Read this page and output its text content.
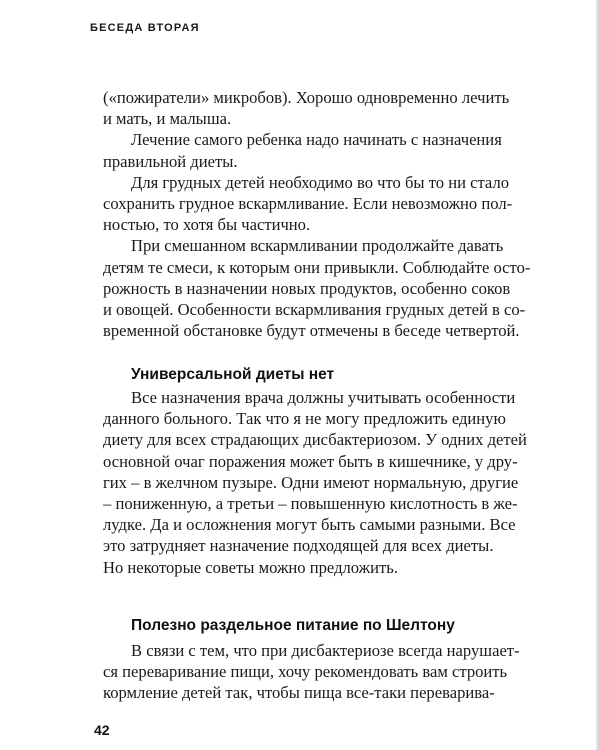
БЕСЕДА ВТОРАЯ
(«пожиратели» микробов). Хорошо одновременно лечить
и мать, и малыша.
Лечение самого ребенка надо начинать с назначения
правильной диеты.
Для грудных детей необходимо во что бы то ни стало
сохранить грудное вскармливание. Если невозможно пол-
ностью, то хотя бы частично.
При смешанном вскармливании продолжайте давать
детям те смеси, к которым они привыкли. Соблюдайте осто-
рожность в назначении новых продуктов, особенно соков
и овощей. Особенности вскармливания грудных детей в со-
временной обстановке будут отмечены в беседе четвертой.
Универсальной диеты нет
Все назначения врача должны учитывать особенности
данного больного. Так что я не могу предложить единую
диету для всех страдающих дисбактериозом. У одних детей
основной очаг поражения может быть в кишечнике, у дру-
гих – в желчном пузыре. Одни имеют нормальную, другие
– пониженную, а третьи – повышенную кислотность в же-
лудке. Да и осложнения могут быть самыми разными. Все
это затрудняет назначение подходящей для всех диеты.
Но некоторые советы можно предложить.
Полезно раздельное питание по Шелтону
В связи с тем, что при дисбактериозе всегда нарушает-
ся переваривание пищи, хочу рекомендовать вам строить
кормление детей так, чтобы пища все-таки переварива-
42
